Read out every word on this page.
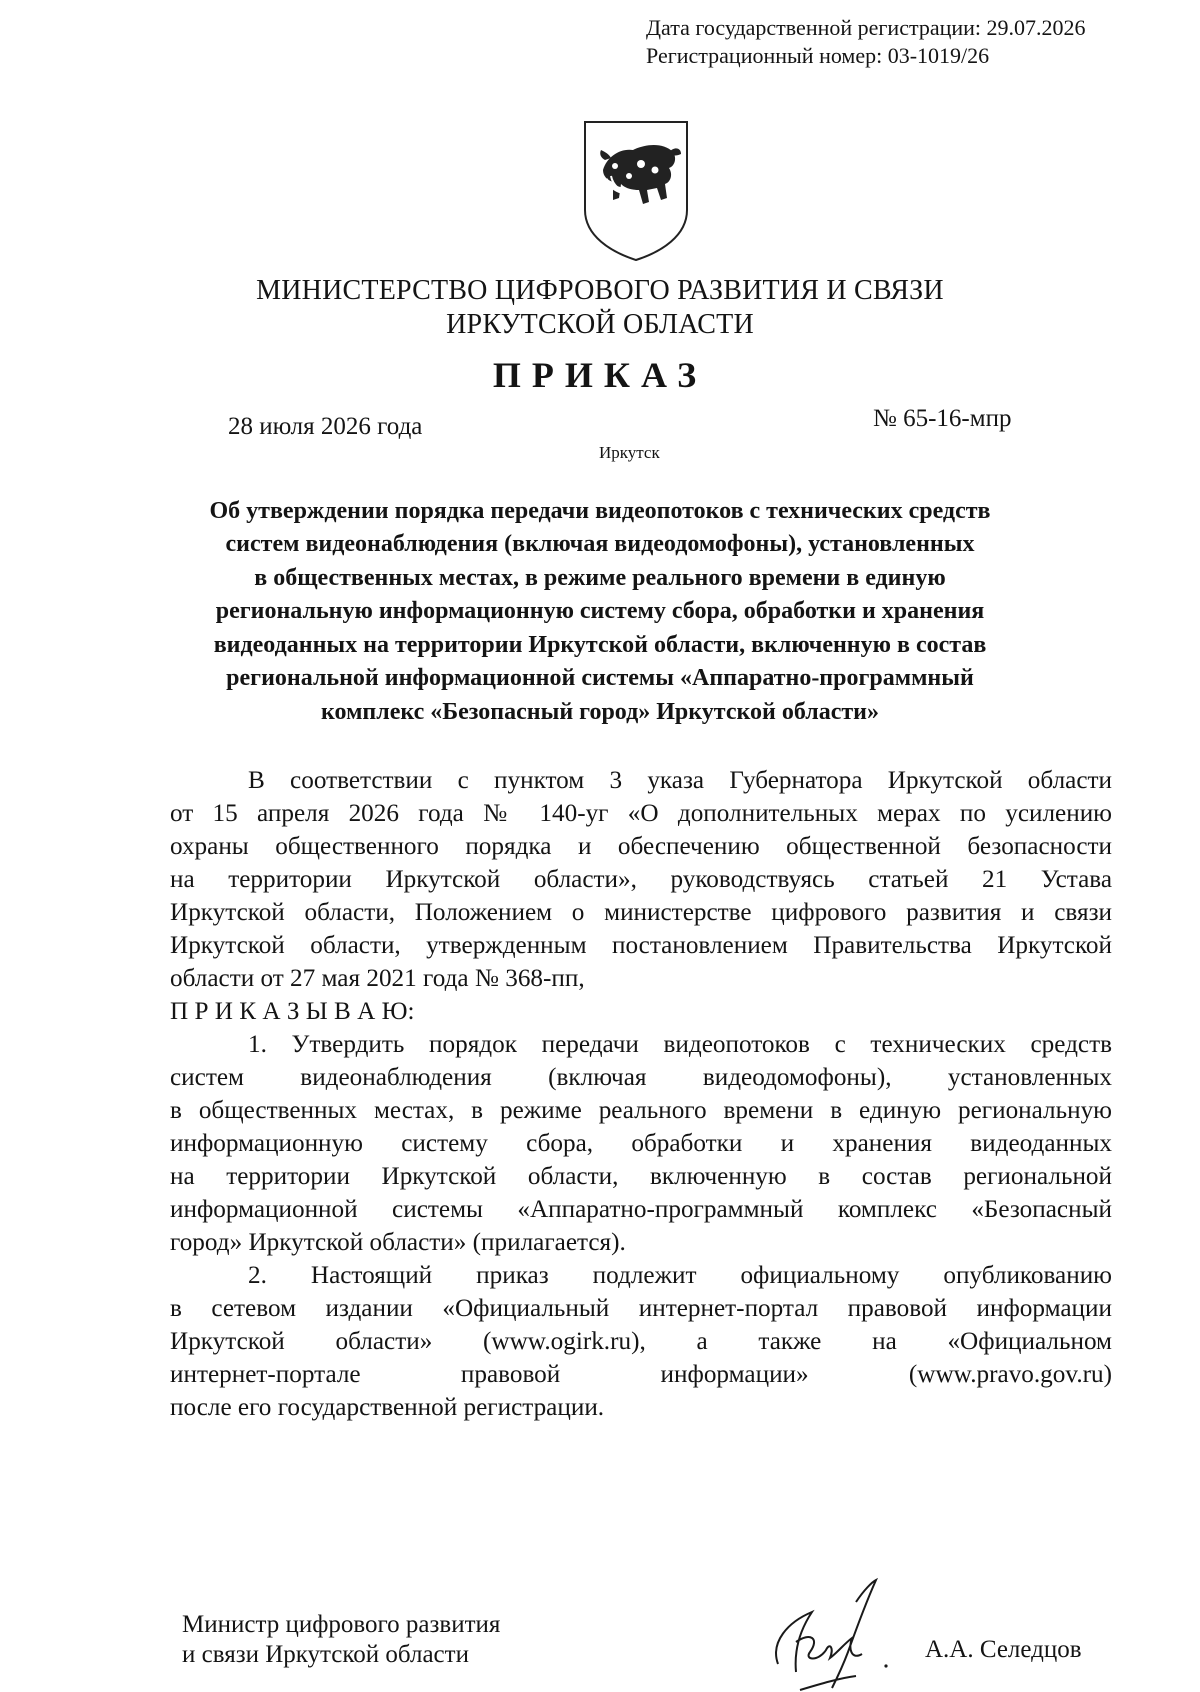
Дата государственной регистрации: 29.07.2026
Регистрационный номер: 03-1019/26
МИНИСТЕРСТВО ЦИФРОВОГО РАЗВИТИЯ И СВЯЗИ
ИРКУТСКОЙ ОБЛАСТИ
ПРИКАЗ
28 июля 2026 года	№ 65-16-мпр
Иркутск
Об утверждении порядка передачи видеопотоков с технических средств
систем видеонаблюдения (включая видеодомофоны), установленных
в общественных местах, в режиме реального времени в единую
региональную информационную систему сбора, обработки и хранения
видеоданных на территории Иркутской области, включенную в состав
региональной информационной системы «Аппаратно-программный
комплекс «Безопасный город» Иркутской области»
В соответствии с пунктом 3 указа Губернатора Иркутской области
от 15 апреля 2026 года № 140-уг «О дополнительных мерах по усилению
охраны общественного порядка и обеспечению общественной безопасности
на территории Иркутской области», руководствуясь статьей 21 Устава
Иркутской области, Положением о министерстве цифрового развития и связи
Иркутской области, утвержденным постановлением Правительства Иркутской
области от 27 мая 2021 года № 368-пп,
П Р И К А З Ы В А Ю:
1. Утвердить порядок передачи видеопотоков с технических средств
систем видеонаблюдения (включая видеодомофоны), установленных
в общественных местах, в режиме реального времени в единую региональную
информационную систему сбора, обработки и хранения видеоданных
на территории Иркутской области, включенную в состав региональной
информационной системы «Аппаратно-программный комплекс «Безопасный
город» Иркутской области» (прилагается).
2. Настоящий приказ подлежит официальному опубликованию
в сетевом издании «Официальный интернет-портал правовой информации
Иркутской области» (www.ogirk.ru), а также на «Официальном
интернет-портале правовой информации» (www.pravo.gov.ru)
после его государственной регистрации.
Министр цифрового развития
и связи Иркутской области	А.А. Селедцов
